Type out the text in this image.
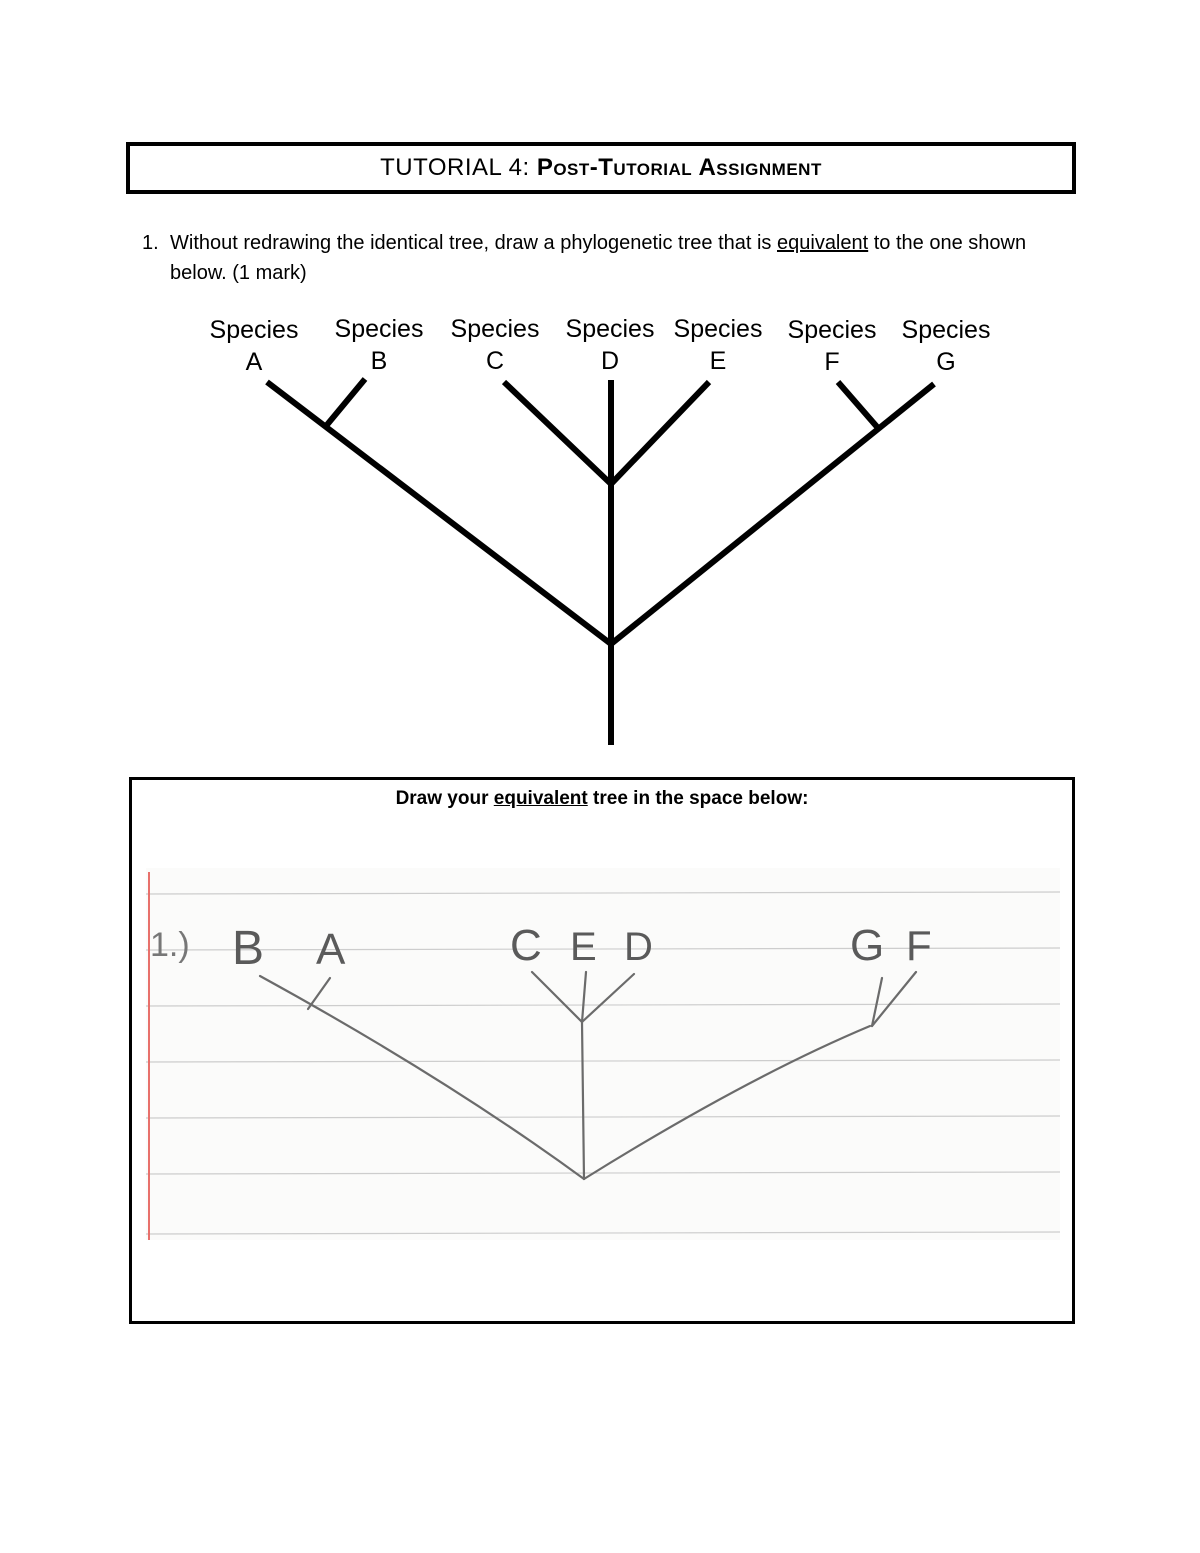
TUTORIAL 4: Post-Tutorial Assignment
1. Without redrawing the identical tree, draw a phylogenetic tree that is equivalent to the one shown below. (1 mark)
Species
A
Species
B
Species
C
Species
D
Species
E
Species
F
Species
G
Draw your equivalent tree in the space below:
1.) B A	C E D	G F
